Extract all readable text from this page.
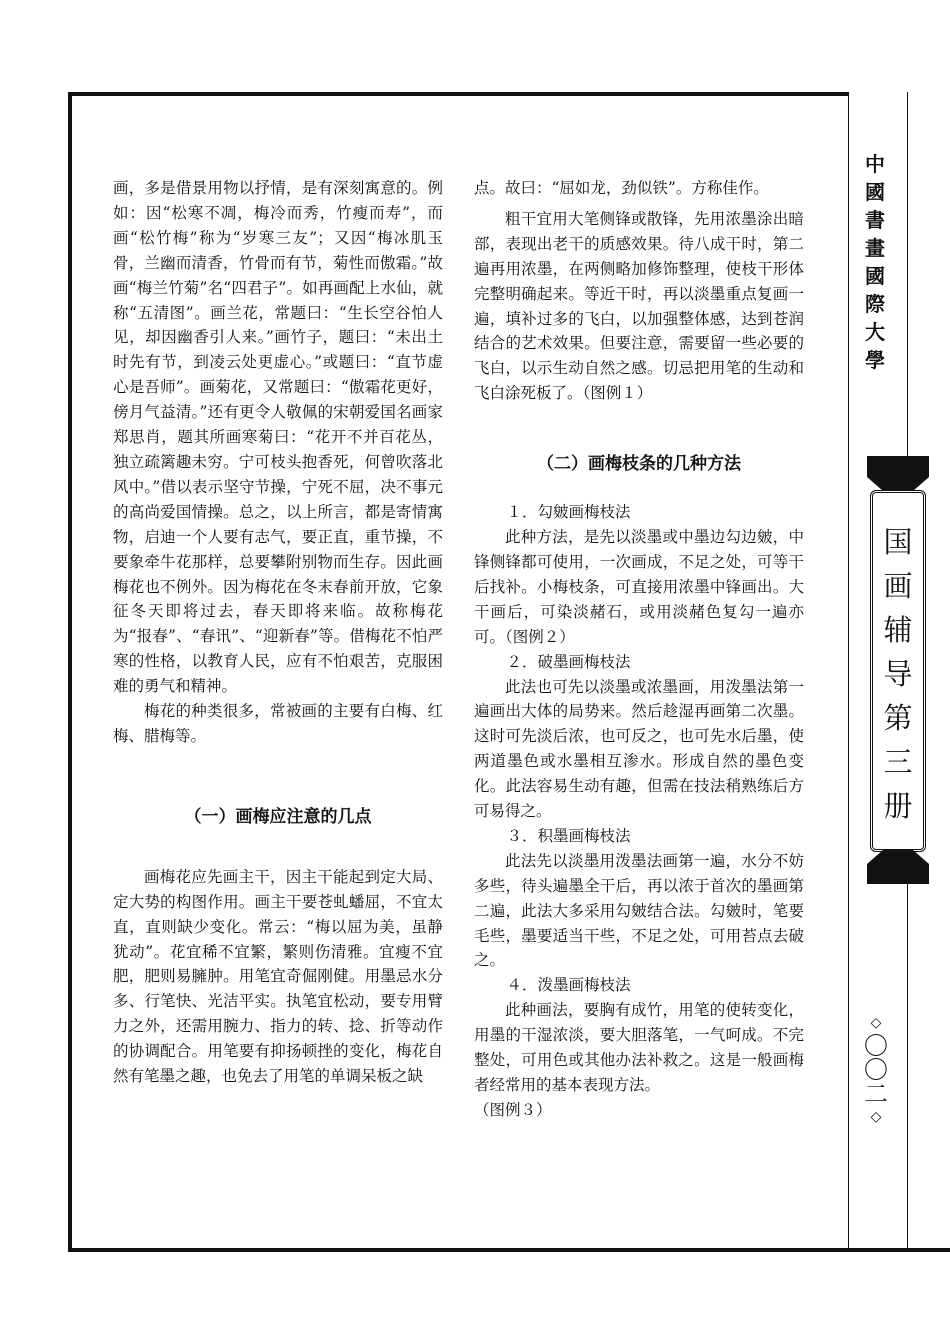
画，多是借景用物以抒情，是有深刻寓意的。例如：因“松寒不凋，梅冷而秀，竹瘦而寿”，而画“松竹梅”称为“岁寒三友”；又因“梅冰肌玉骨，兰幽而清香，竹骨而有节，菊性而傲霜。”故画“梅兰竹菊”名“四君子”。如再画配上水仙，就称“五清图”。画兰花，常题曰：“生长空谷怕人见，却因幽香引人来。”画竹子，题曰：“未出土时先有节，到凌云处更虚心。”或题曰：“直节虚心是吾师”。画菊花，又常题曰：“傲霜花更好，傍月气益清。”还有更令人敬佩的宋朝爱国名画家郑思肖，题其所画寒菊曰：“花开不并百花丛，独立疏篱趣未穷。宁可枝头抱香死，何曾吹落北风中。”借以表示坚守节操，宁死不屈，决不事元的高尚爱国情操。总之，以上所言，都是寄情寓物，启迪一个人要有志气，要正直，重节操，不要象牵牛花那样，总要攀附别物而生存。因此画梅花也不例外。因为梅花在冬末春前开放，它象征冬天即将过去，春天即将来临。故称梅花为“报春”、“春讯”、“迎新春”等。借梅花不怕严寒的性格，以教育人民，应有不怕艰苦，克服困难的勇气和精神。

梅花的种类很多，常被画的主要有白梅、红梅、腊梅等。

（一）画梅应注意的几点

画梅花应先画主干，因主干能起到定大局、定大势的构图作用。画主干要苍虬蟠屈，不宜太直，直则缺少变化。常云：“梅以屈为美，虽静犹动”。花宜稀不宜繁，繁则伤清雅。宜瘦不宜肥，肥则易臃肿。用笔宜奇倔刚健。用墨忌水分多、行笔快、光洁平实。执笔宜松动，要专用臂力之外，还需用腕力、指力的转、捻、折等动作的协调配合。用笔要有抑扬顿挫的变化，梅花自然有笔墨之趣，也免去了用笔的单调呆板之缺

点。故曰：“屈如龙，劲似铁”。方称佳作。

粗干宜用大笔侧锋或散锋，先用浓墨涂出暗部，表现出老干的质感效果。待八成干时，第二遍再用浓墨，在两侧略加修饰整理，使枝干形体完整明确起来。等近干时，再以淡墨重点复画一遍，填补过多的飞白，以加强整体感，达到苍润结合的艺术效果。但要注意，需要留一些必要的飞白，以示生动自然之感。切忌把用笔的生动和飞白涂死板了。（图例１）

（二）画梅枝条的几种方法

１．勾皴画梅枝法

此种方法，是先以淡墨或中墨边勾边皴，中锋侧锋都可使用，一次画成，不足之处，可等干后找补。小梅枝条，可直接用浓墨中锋画出。大干画后，可染淡赭石，或用淡赭色复勾一遍亦可。（图例２）

２．破墨画梅枝法

此法也可先以淡墨或浓墨画，用泼墨法第一遍画出大体的局势来。然后趁湿再画第二次墨。这时可先淡后浓，也可反之，也可先水后墨，使两道墨色或水墨相互渗水。形成自然的墨色变化。此法容易生动有趣，但需在技法稍熟练后方可易得之。

３．积墨画梅枝法

此法先以淡墨用泼墨法画第一遍，水分不妨多些，待头遍墨全干后，再以浓于首次的墨画第二遍，此法大多采用勾皴结合法。勾皴时，笔要毛些，墨要适当干些，不足之处，可用苔点去破之。

４．泼墨画梅枝法

此种画法，要胸有成竹，用笔的使转变化，用墨的干湿浓淡，要大胆落笔，一气呵成。不完整处，可用色或其他办法补救之。这是一般画梅者经常用的基本表现方法。

（图例３）

中
國
書
畫
國
際
大
學
国
画
辅
导
第
三
册
◇
〇
〇
二
◇
